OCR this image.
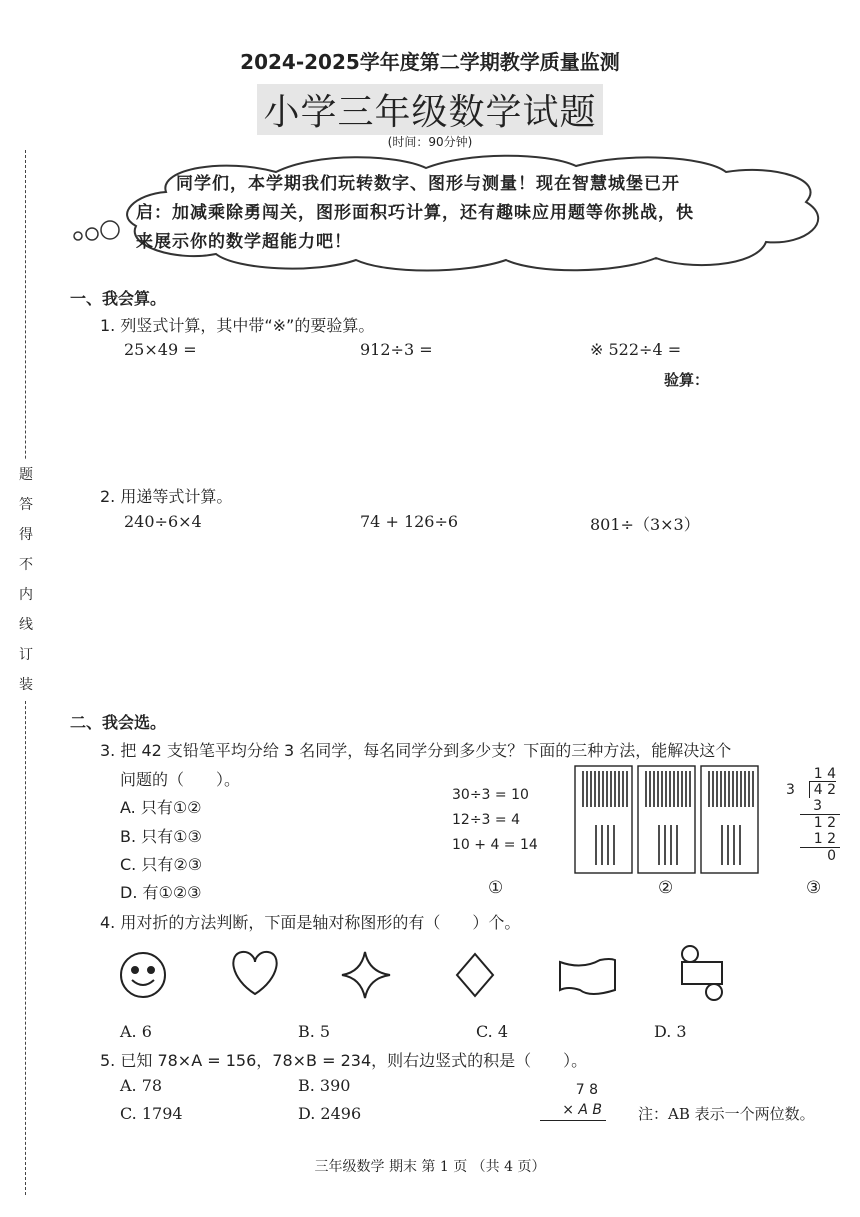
2024-2025学年度第二学期教学质量监测
小学三年级数学试题
(时间：90分钟)
同学们，本学期我们玩转数字、图形与测量！现在智慧城堡已开
启：加减乘除勇闯关，图形面积巧计算，还有趣味应用题等你挑战，快
来展示你的数学超能力吧！
题
答
得
不
内
线
订
装
一、我会算。
1. 列竖式计算，其中带“※”的要验算。
25×49 =	912÷3 =	※ 522÷4 =
验算：
2. 用递等式计算。
240÷6×4	74 + 126÷6	801÷（3×3）
二、我会选。
3. 把 42 支铅笔平均分给 3 名同学，每名同学分到多少支？下面的三种方法，能解决这个
问题的（　　）。
A. 只有①②
B. 只有①③
C. 只有②③
D. 有①②③
30÷3 = 10
12÷3 = 4
10 + 4 = 14
①	②	③
1 4
3 4 2
3
1 2
1 2
0
4. 用对折的方法判断，下面是轴对称图形的有（　　）个。
A. 6	B. 5	C. 4	D. 3
5. 已知 78×A = 156，78×B = 234，则右边竖式的积是（　　）。
A. 78	B. 390
C. 1794	D. 2496
7 8
× A B 注：AB 表示一个两位数。
三年级数学 期末 第 1 页 （共 4 页）
